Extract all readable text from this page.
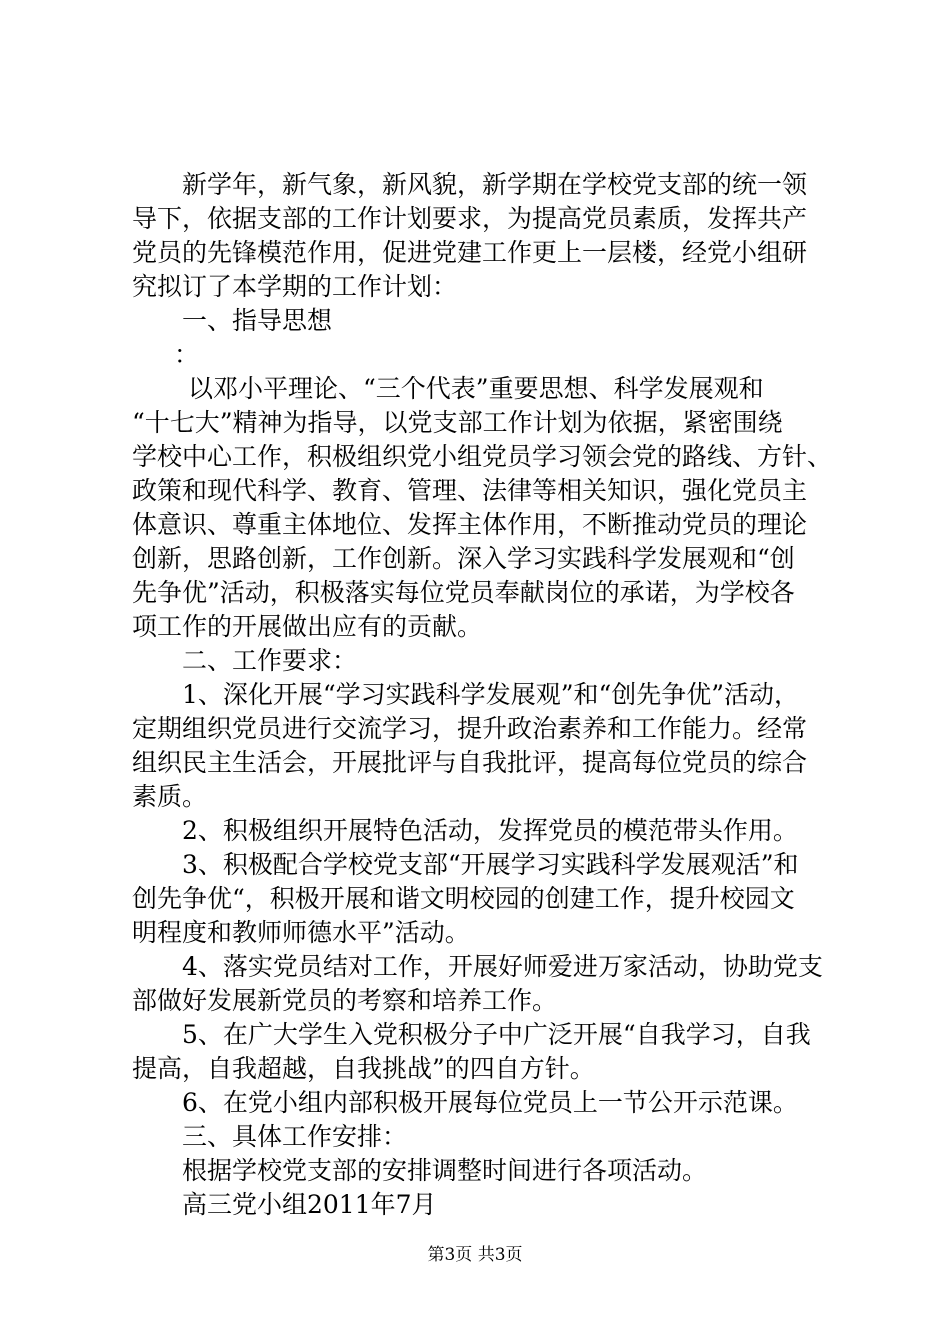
新学年，新气象，新风貌，新学期在学校党支部的统一领
导下，依据支部的工作计划要求，为提高党员素质，发挥共产
党员的先锋模范作用，促进党建工作更上一层楼，经党小组研
究拟订了本学期的工作计划：
一、指导思想
：
以邓小平理论、“三个代表”重要思想、科学发展观和
“十七大”精神为指导，以党支部工作计划为依据，紧密围绕
学校中心工作，积极组织党小组党员学习领会党的路线、方针、
政策和现代科学、教育、管理、法律等相关知识，强化党员主
体意识、尊重主体地位、发挥主体作用，不断推动党员的理论
创新，思路创新，工作创新。深入学习实践科学发展观和“创
先争优”活动，积极落实每位党员奉献岗位的承诺，为学校各
项工作的开展做出应有的贡献。
二、工作要求：
1、深化开展“学习实践科学发展观”和“创先争优”活动，
定期组织党员进行交流学习，提升政治素养和工作能力。经常
组织民主生活会，开展批评与自我批评，提高每位党员的综合
素质。
2、积极组织开展特色活动，发挥党员的模范带头作用。
3、积极配合学校党支部“开展学习实践科学发展观活”和
创先争优“，积极开展和谐文明校园的创建工作，提升校园文
明程度和教师师德水平”活动。
4、落实党员结对工作，开展好师爱进万家活动，协助党支
部做好发展新党员的考察和培养工作。
5、在广大学生入党积极分子中广泛开展“自我学习，自我
提高，自我超越，自我挑战”的四自方针。
6、在党小组内部积极开展每位党员上一节公开示范课。
三、具体工作安排：
根据学校党支部的安排调整时间进行各项活动。
高三党小组2011年7月
第3页 共3页
